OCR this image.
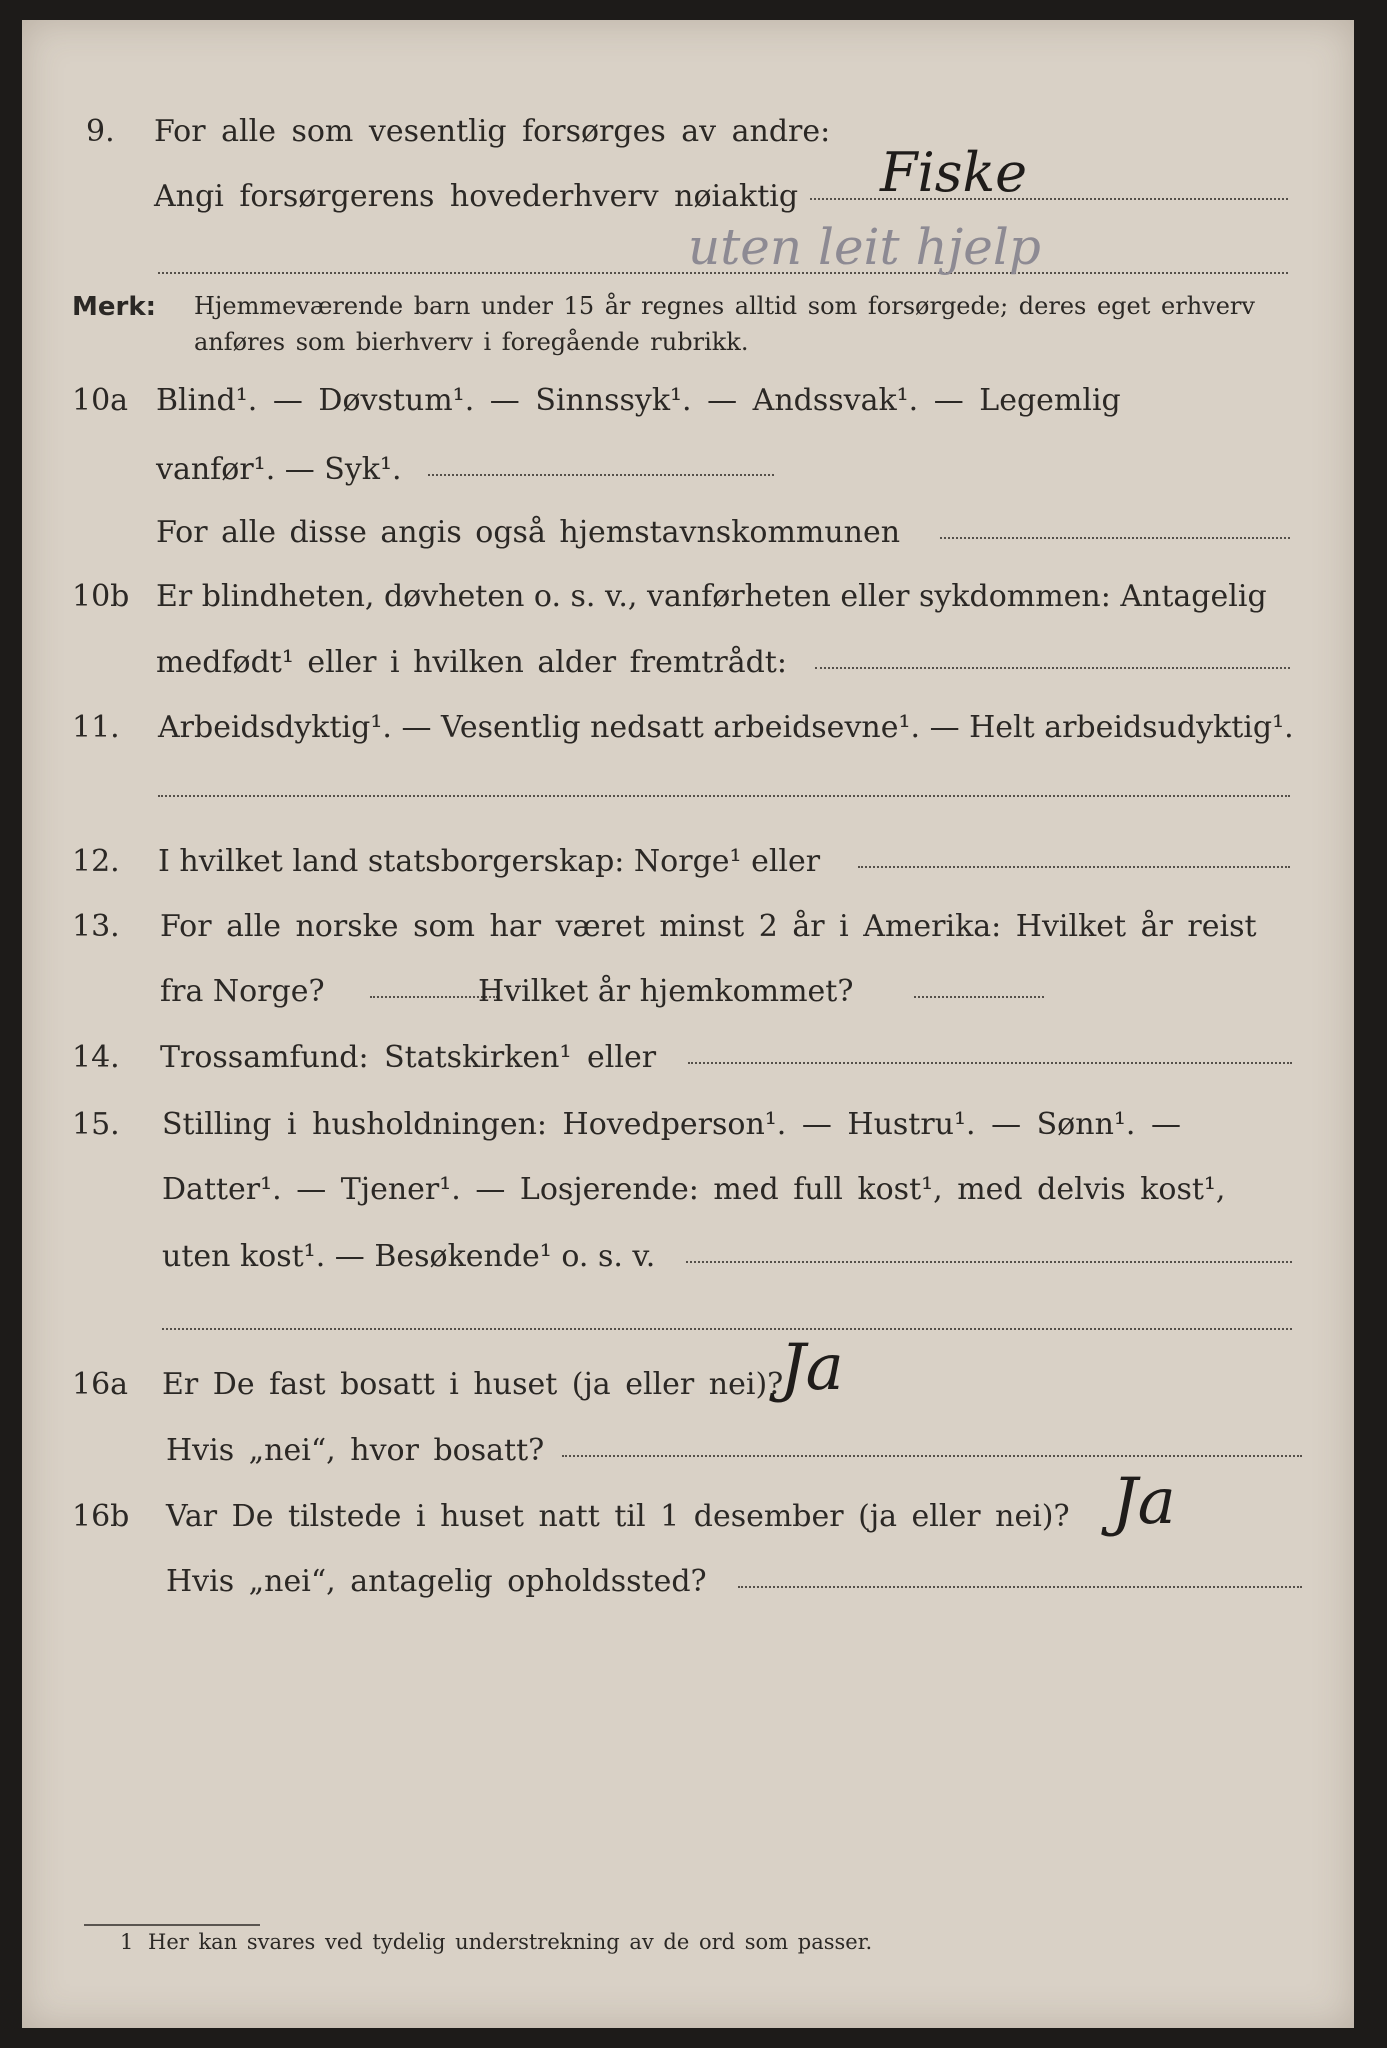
9. For alle som vesentlig forsørges av andre:
Angi forsørgerens hovederhverv nøiaktig Fiske
uten leit hjelp
Merk: Hjemmeværende barn under 15 år regnes alltid som forsørgede; deres eget erhverv
anføres som bierhverv i foregående rubrikk.
10a Blind¹. — Døvstum¹. — Sinnssyk¹. — Andssvak¹. — Legemlig
vanfør¹. — Syk¹.
For alle disse angis også hjemstavnskommunen
10b Er blindheten, døvheten o. s. v., vanførheten eller sykdommen: Antagelig
medfødt¹ eller i hvilken alder fremtrådt:
11. Arbeidsdyktig¹. — Vesentlig nedsatt arbeidsevne¹. — Helt arbeidsudyktig¹.
12. I hvilket land statsborgerskap: Norge¹ eller
13. For alle norske som har været minst 2 år i Amerika: Hvilket år reist
fra Norge?	Hvilket år hjemkommet?
14. Trossamfund: Statskirken¹ eller
15. Stilling i husholdningen: Hovedperson¹. — Hustru¹. — Sønn¹. —
Datter¹. — Tjener¹. — Losjerende: med full kost¹, med delvis kost¹,
uten kost¹. — Besøkende¹ o. s. v.
16a Er De fast bosatt i huset (ja eller nei)?
Ja
Hvis „nei“, hvor bosatt?
16b Var De tilstede i huset natt til 1 desember (ja eller nei)? Ja
Hvis „nei“, antagelig opholdssted?
1 Her kan svares ved tydelig understrekning av de ord som passer.
